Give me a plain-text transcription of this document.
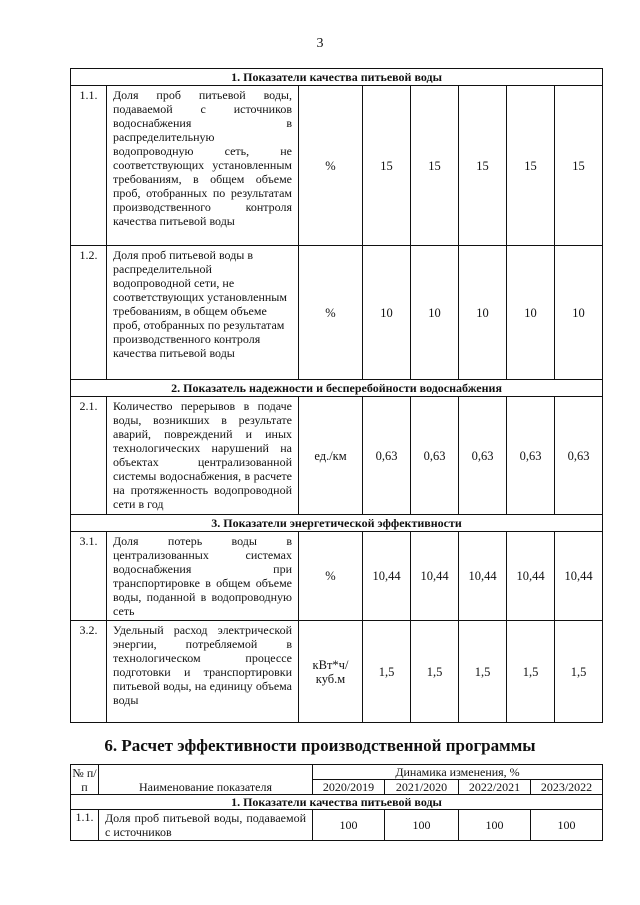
3
1. Показатели качества питьевой воды							
1.1.	Доля проб питьевой воды, подаваемой с источников водоснабжения в распределительную водопроводную сеть, не соответствующих установленным требованиям, в общем объеме проб, отобранных по результатам производственного контроля качества питьевой воды	%	15	15	15	15	15
1.2.	Доля проб питьевой воды в распределительной водопроводной сети, не соответствующих установленным требованиям, в общем объеме проб, отобранных по результатам производственного контроля качества питьевой воды	%	10	10	10	10	10
2. Показатель надежности и бесперебойности водоснабжения							
2.1.	Количество перерывов в подаче воды, возникших в результате аварий, повреждений и иных технологических нарушений на объектах централизованной системы водоснабжения, в расчете на протяженность водопроводной сети в год	ед./км	0,63	0,63	0,63	0,63	0,63
3. Показатели энергетической эффективности							
3.1.	Доля потерь воды в централизованных системах водоснабжения при транспортировке в общем объеме воды, поданной в водопроводную сеть	%	10,44	10,44	10,44	10,44	10,44
3.2.	Удельный расход электрической энергии, потребляемой в технологическом процессе подготовки и транспортировки питьевой воды, на единицу объема воды	кВт*ч/ куб.м	1,5	1,5	1,5	1,5	1,5
6. Расчет эффективности производственной программы
№ п/п	Наименование показателя	Динамика изменения, %			
		2020/2019	2021/2020	2022/2021	2023/2022
1. Показатели качества питьевой воды					
1.1.	Доля проб питьевой воды, подаваемой с источников	100	100	100	100
